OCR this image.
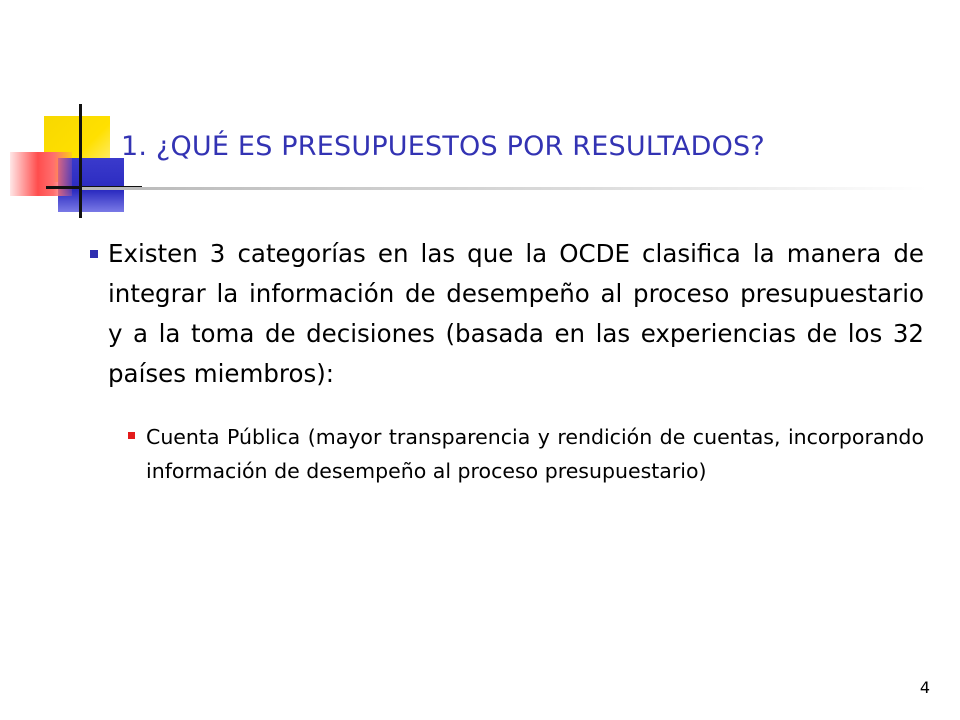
1. ¿QUÉ ES PRESUPUESTOS POR RESULTADOS?
Existen 3 categorías en las que la OCDE clasifica la manera de integrar la información de desempeño al proceso presupuestario y a la toma de decisiones (basada en las experiencias de los 32 países miembros):
Cuenta Pública (mayor transparencia y rendición de cuentas, incorporando información de desempeño al proceso presupuestario)
4
